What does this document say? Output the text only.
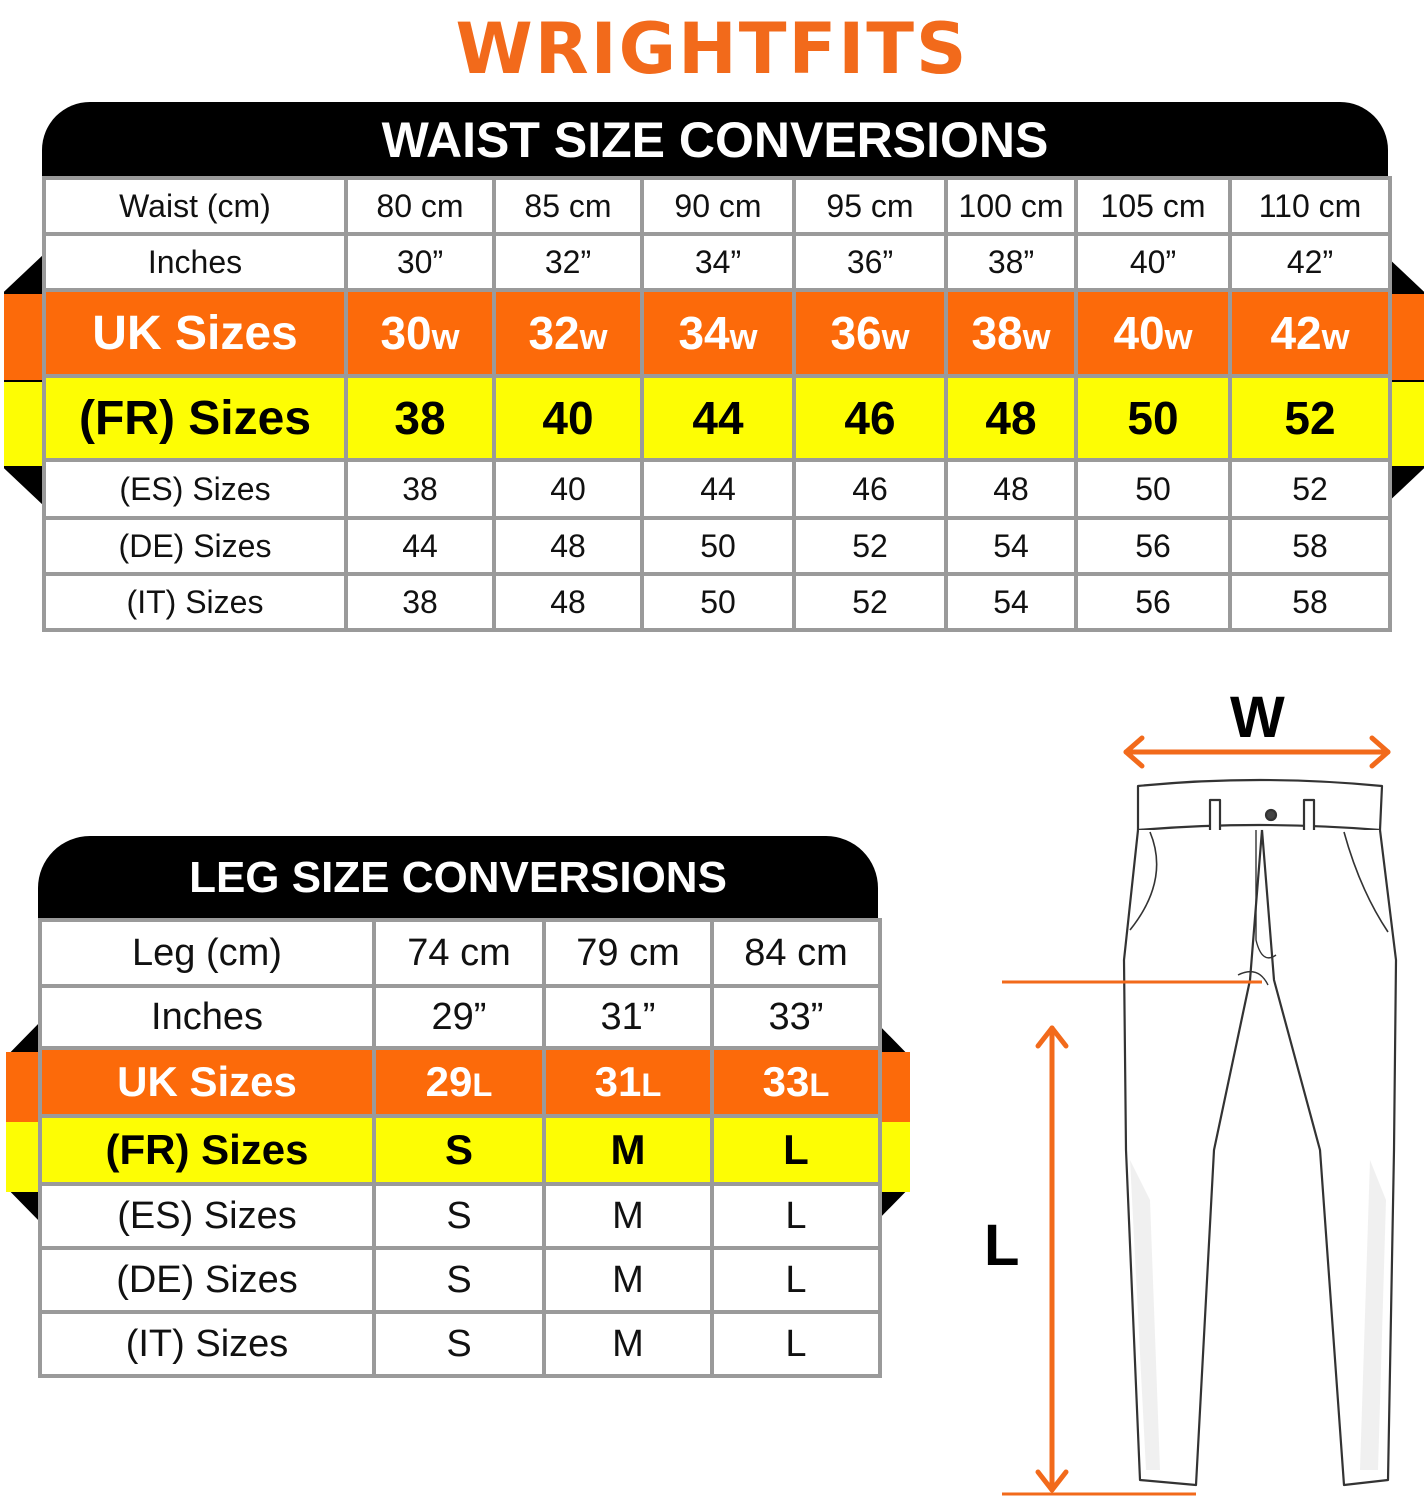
WRIGHTFITS
WAIST SIZE CONVERSIONS
Waist (cm)	80 cm	85 cm	90 cm	95 cm	100 cm	105 cm	110 cm
Inches	30”	32”	34”	36”	38”	40”	42”
UK Sizes	30w	32w	34w	36w	38w	40w	42w
(FR) Sizes	38	40	44	46	48	50	52
(ES) Sizes	38	40	44	46	48	50	52
(DE) Sizes	44	48	50	52	54	56	58
(IT) Sizes	38	48	50	52	54	56	58
LEG SIZE CONVERSIONS
Leg (cm)	74 cm	79 cm	84 cm
Inches	29”	31”	33”
UK Sizes	29L	31L	33L
(FR) Sizes	S	M	L
(ES) Sizes	S	M	L
(DE) Sizes	S	M	L
(IT) Sizes	S	M	L
W
L
